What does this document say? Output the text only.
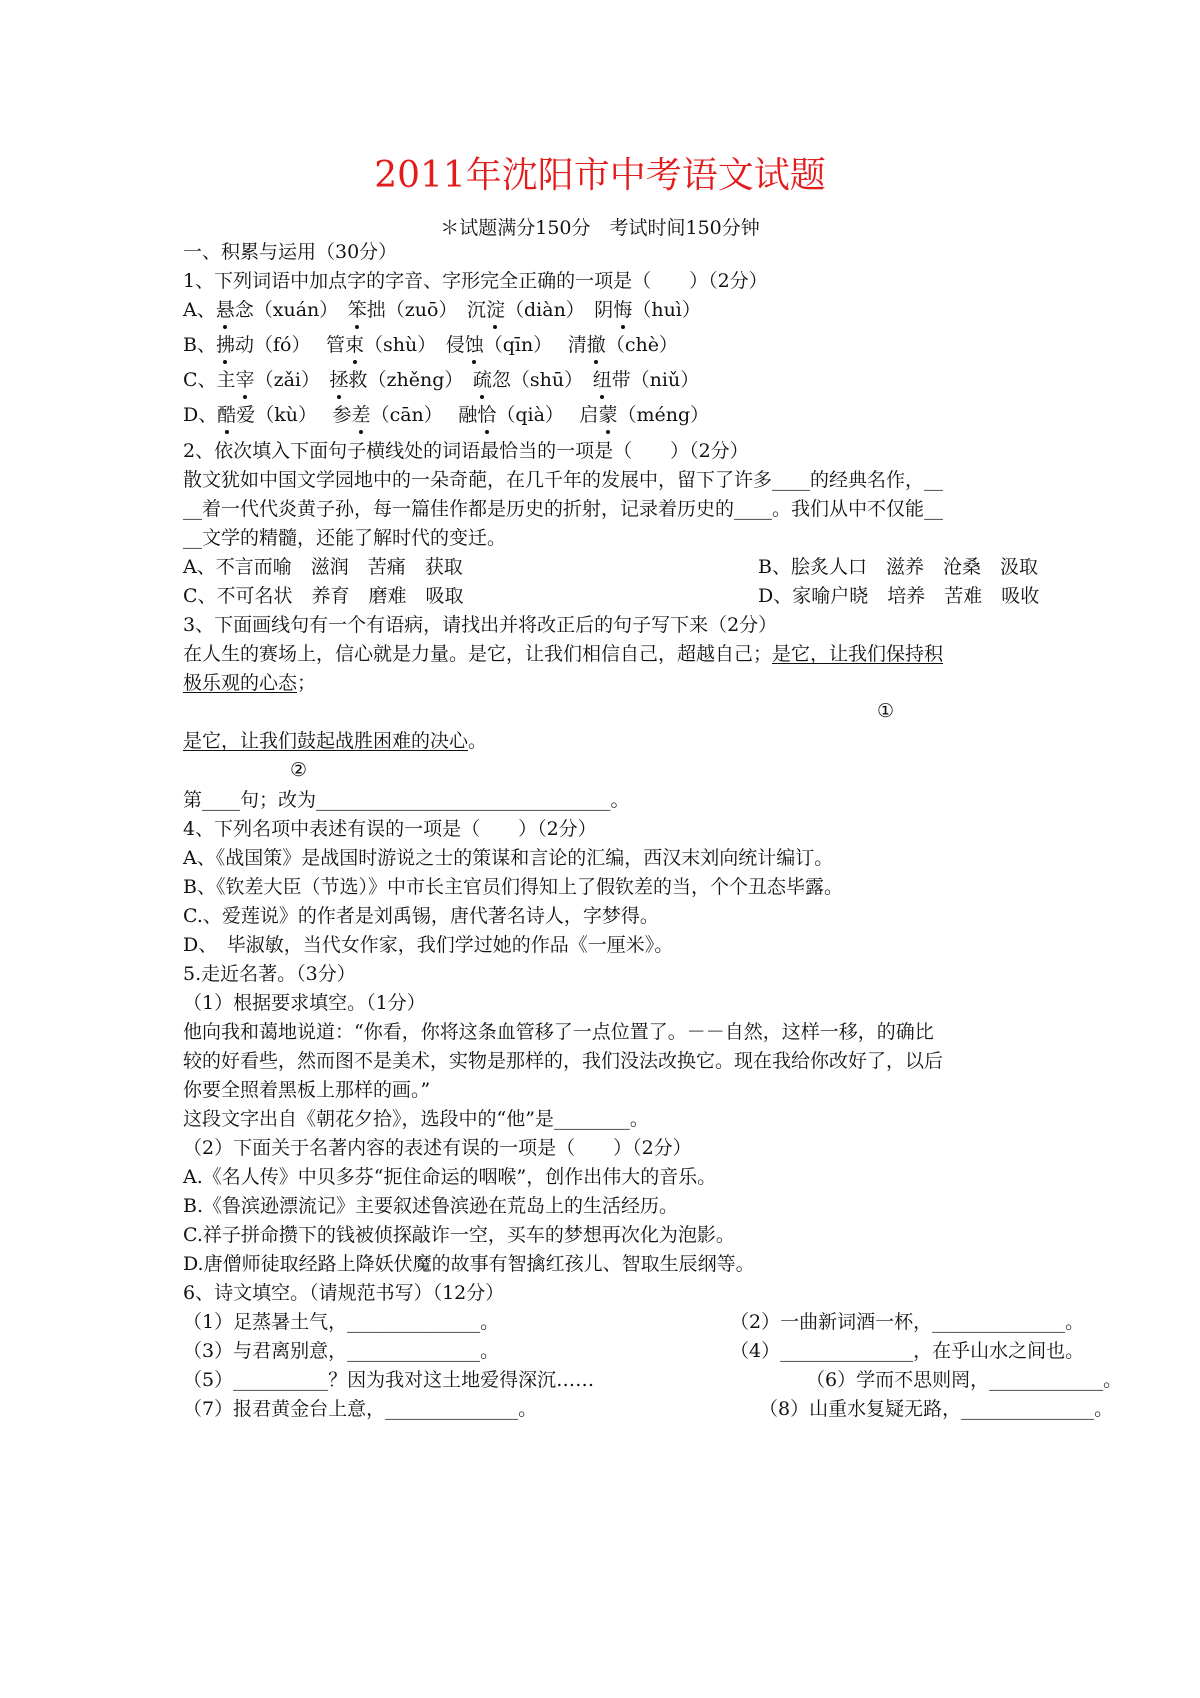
2011年沈阳市中考语文试题
＊试题满分150分　考试时间150分钟
一、积累与运用（30分）
1、下列词语中加点字的字音、字形完全正确的一项是（　　）（2分）
A、悬念（xuán）　笨拙（zuō）　沉淀（diàn）　阴悔（huì）
B、拂动（fó）　 管束（shù）　侵蚀（qīn）　 清撤（chè）
C、主宰（zǎi）　拯救（zhěng）　疏忽（shū）　纽带（niǔ）
D、酷爱（kù）　 参差（cān）　 融恰（qià）　 启蒙（méng）
2、依次填入下面句子横线处的词语最恰当的一项是（　　）（2分）
散文犹如中国文学园地中的一朵奇葩，在几千年的发展中，留下了许多____的经典名作，__
__着一代代炎黄子孙，每一篇佳作都是历史的折射，记录着历史的____。我们从中不仅能__
__文学的精髓，还能了解时代的变迁。
A、不言而喻　滋润　苦痛　获取	B、脍炙人口　滋养　沧桑　汲取
C、不可名状　养育　磨难　吸取	D、家喻户晓　培养　苦难　吸收
3、下面画线句有一个有语病，请找出并将改正后的句子写下来（2分）
在人生的赛场上，信心就是力量。是它，让我们相信自己，超越自己；是它，让我们保持积
极乐观的心态；
①
是它，让我们鼓起战胜困难的决心。
②
第____句；改为_______________________________。
4、下列名项中表述有误的一项是（　　）（2分）
A、《战国策》是战国时游说之士的策谋和言论的汇编，西汉末刘向统计编订。
B、《钦差大臣（节选）》中市长主官员们得知上了假钦差的当，个个丑态毕露。
C.、爱莲说》的作者是刘禹锡，唐代著名诗人，字梦得。
D、　毕淑敏，当代女作家，我们学过她的作品《一厘米》。
5.走近名著。（3分）
（1）根据要求填空。（1分）
他向我和蔼地说道：“你看，你将这条血管移了一点位置了。－－自然，这样一移，的确比
较的好看些，然而图不是美术，实物是那样的，我们没法改换它。现在我给你改好了，以后
你要全照着黑板上那样的画。”
这段文字出自《朝花夕拾》，选段中的“他”是________。
（2）下面关于名著内容的表述有误的一项是（　　）（2分）
A.《名人传》中贝多芬“扼住命运的咽喉”，创作出伟大的音乐。
B.《鲁滨逊漂流记》主要叙述鲁滨逊在荒岛上的生活经历。
C.祥子拼命攒下的钱被侦探敲诈一空，买车的梦想再次化为泡影。
D.唐僧师徒取经路上降妖伏魔的故事有智擒红孩儿、智取生辰纲等。
6、诗文填空。（请规范书写）（12分）
（1）足蒸暑土气，______________。	（2）一曲新词酒一杯，______________。
（3）与君离别意，______________。	（4）______________，在乎山水之间也。
（5）__________？因为我对这土地爱得深沉……	（6）学而不思则罔，____________。
（7）报君黄金台上意，______________。	（8）山重水复疑无路，______________。
